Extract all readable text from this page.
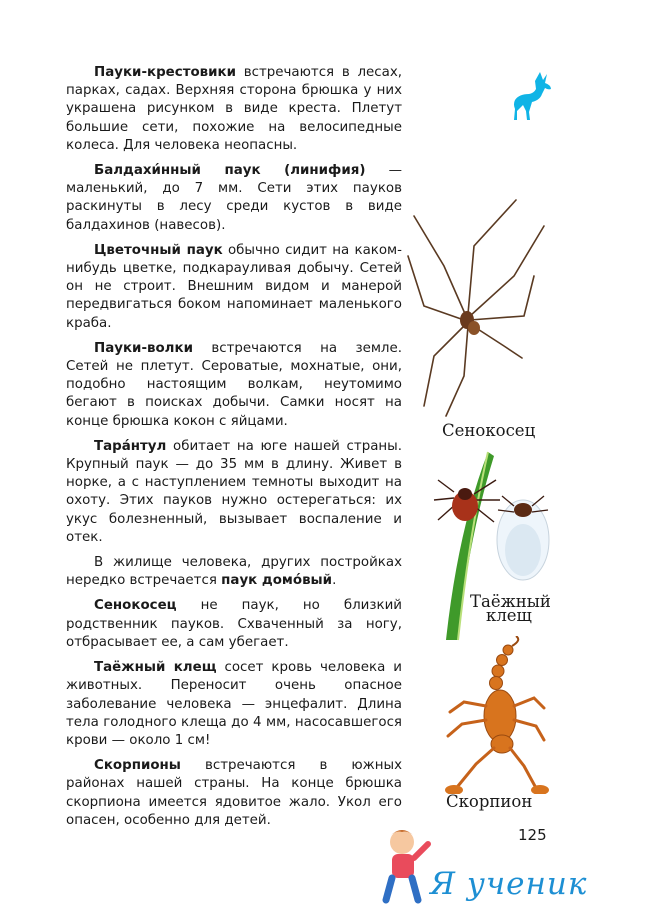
Пауки-крестовики встречаются в лесах, парках, садах. Верхняя сторона брюшка у них украшена рисунком в виде креста. Плетут большие сети, похожие на велосипедные колеса. Для человека неопасны.

Балдахи́нный паук (линифия) — маленький, до 7 мм. Сети этих пауков раскинуты в лесу среди кустов в виде балдахинов (навесов).

Цветочный паук обычно сидит на каком-нибудь цветке, подкарауливая добычу. Сетей он не строит. Внешним видом и манерой передвигаться боком напоминает маленького краба.

Пауки-волки встречаются на земле. Сетей не плетут. Сероватые, мохнатые, они, подобно настоящим волкам, неутомимо бегают в поисках добычи. Самки носят на конце брюшка кокон с яйцами.

Тара́нтул обитает на юге нашей страны. Крупный паук — до 35 мм в длину. Живет в норке, а с наступлением темноты выходит на охоту. Этих пауков нужно остерегаться: их укус болезненный, вызывает воспаление и отек.

В жилище человека, других постройках нередко встречается паук домо́вый.

Сенокосец не паук, но близкий родственник пауков. Схваченный за ногу, отбрасывает ее, а сам убегает.

Таёжный клещ сосет кровь человека и животных. Переносит очень опасное заболевание человека — энцефалит. Длина тела голодного клеща до 4 мм, насосавшегося крови — около 1 см!

Скорпионы встречаются в южных районах нашей страны. На конце брюшка скорпиона имеется ядовитое жало. Укол его опасен, особенно для детей.

Сенокосец
Таёжный
клещ
Скорпион
125
Я ученик
